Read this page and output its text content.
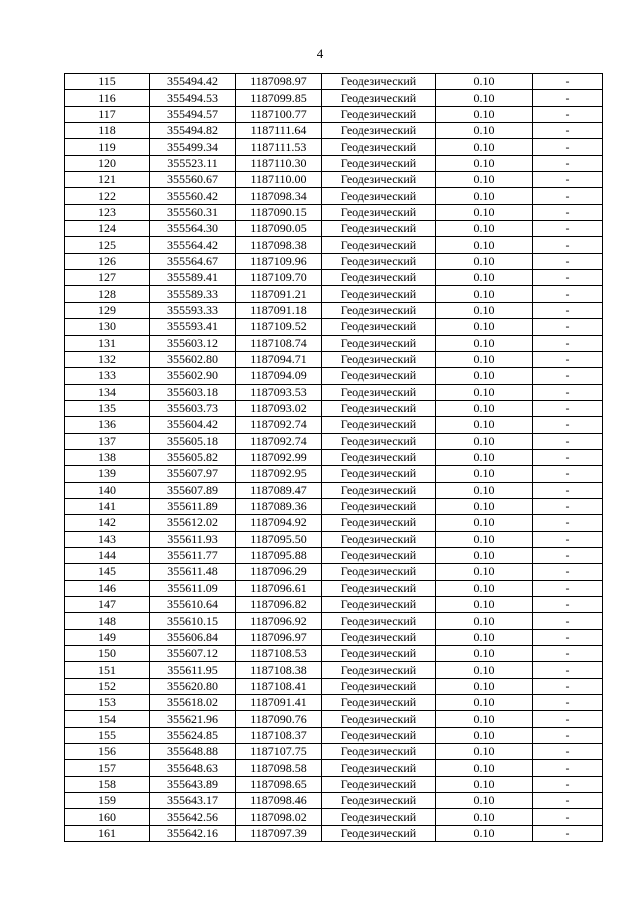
4
115	355494.42	1187098.97	Геодезический	0.10	-
116	355494.53	1187099.85	Геодезический	0.10	-
117	355494.57	1187100.77	Геодезический	0.10	-
118	355494.82	1187111.64	Геодезический	0.10	-
119	355499.34	1187111.53	Геодезический	0.10	-
120	355523.11	1187110.30	Геодезический	0.10	-
121	355560.67	1187110.00	Геодезический	0.10	-
122	355560.42	1187098.34	Геодезический	0.10	-
123	355560.31	1187090.15	Геодезический	0.10	-
124	355564.30	1187090.05	Геодезический	0.10	-
125	355564.42	1187098.38	Геодезический	0.10	-
126	355564.67	1187109.96	Геодезический	0.10	-
127	355589.41	1187109.70	Геодезический	0.10	-
128	355589.33	1187091.21	Геодезический	0.10	-
129	355593.33	1187091.18	Геодезический	0.10	-
130	355593.41	1187109.52	Геодезический	0.10	-
131	355603.12	1187108.74	Геодезический	0.10	-
132	355602.80	1187094.71	Геодезический	0.10	-
133	355602.90	1187094.09	Геодезический	0.10	-
134	355603.18	1187093.53	Геодезический	0.10	-
135	355603.73	1187093.02	Геодезический	0.10	-
136	355604.42	1187092.74	Геодезический	0.10	-
137	355605.18	1187092.74	Геодезический	0.10	-
138	355605.82	1187092.99	Геодезический	0.10	-
139	355607.97	1187092.95	Геодезический	0.10	-
140	355607.89	1187089.47	Геодезический	0.10	-
141	355611.89	1187089.36	Геодезический	0.10	-
142	355612.02	1187094.92	Геодезический	0.10	-
143	355611.93	1187095.50	Геодезический	0.10	-
144	355611.77	1187095.88	Геодезический	0.10	-
145	355611.48	1187096.29	Геодезический	0.10	-
146	355611.09	1187096.61	Геодезический	0.10	-
147	355610.64	1187096.82	Геодезический	0.10	-
148	355610.15	1187096.92	Геодезический	0.10	-
149	355606.84	1187096.97	Геодезический	0.10	-
150	355607.12	1187108.53	Геодезический	0.10	-
151	355611.95	1187108.38	Геодезический	0.10	-
152	355620.80	1187108.41	Геодезический	0.10	-
153	355618.02	1187091.41	Геодезический	0.10	-
154	355621.96	1187090.76	Геодезический	0.10	-
155	355624.85	1187108.37	Геодезический	0.10	-
156	355648.88	1187107.75	Геодезический	0.10	-
157	355648.63	1187098.58	Геодезический	0.10	-
158	355643.89	1187098.65	Геодезический	0.10	-
159	355643.17	1187098.46	Геодезический	0.10	-
160	355642.56	1187098.02	Геодезический	0.10	-
161	355642.16	1187097.39	Геодезический	0.10	-
